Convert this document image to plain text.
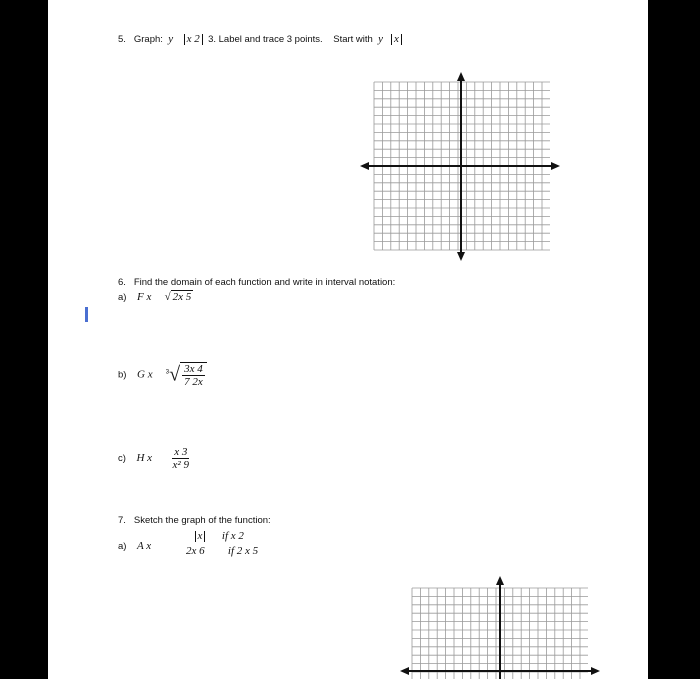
5. Graph: y x 2 3. Label and trace 3 points. Start with y x
6. Find the domain of each function and write in interval notation:
a) F x √ 2x 5
b) G x $^3√ \frac{3x 4}{7 2x}$
c) H x $\frac{x 3}{\text{x² 9}}$
7. Sketch the graph of the function:
a) A x
x if x 2
2x 6 if 2 x 5
